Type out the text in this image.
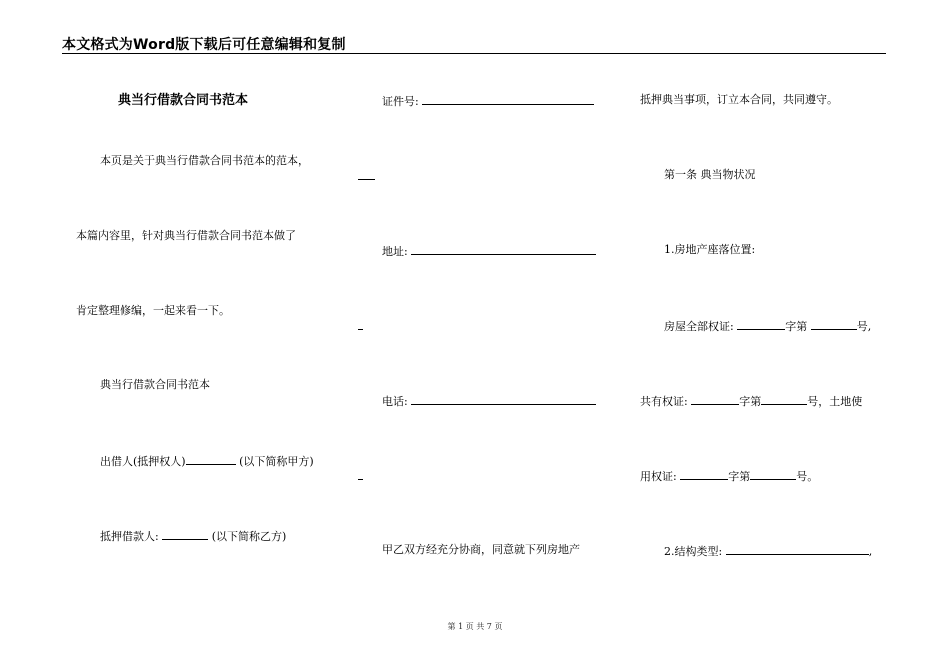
本文格式为Word版下载后可任意编辑和复制
典当行借款合同书范本
本页是关于典当行借款合同书范本的范本，
本篇内容里，针对典当行借款合同书范本做了
肯定整理修编，一起来看一下。
典当行借款合同书范本
出借人(抵押权人)	(以下简称甲方)
抵押借款人:	(以下简称乙方)
证件号:
地址:
电话:
甲乙双方经充分协商，同意就下列房地产
抵押典当事项，订立本合同，共同遵守。
第一条 典当物状况
1.房地产座落位置:
房屋全部权证:	字第	号,
共有权证:	字第	号，土地使
用权证:	字第	号。
2.结构类型:	,
第 1 页 共 7 页
